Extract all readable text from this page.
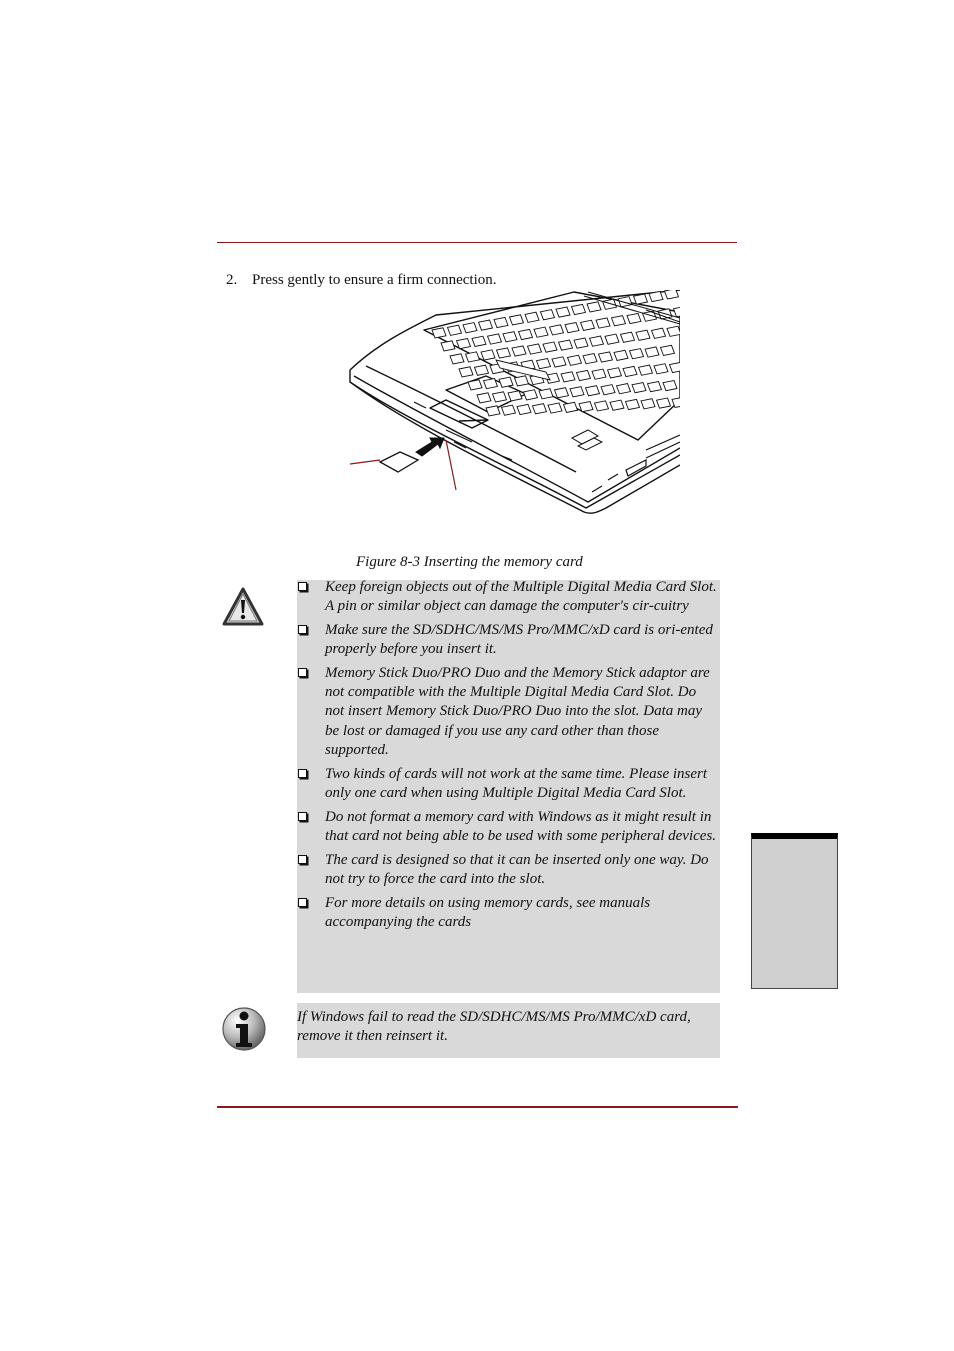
2. Press gently to ensure a firm connection.
Figure 8-3 Inserting the memory card
Keep foreign objects out of the Multiple Digital Media Card Slot. A pin or similar object can damage the computer's cir-cuitry
Make sure the SD/SDHC/MS/MS Pro/MMC/xD card is ori-ented properly before you insert it.
Memory Stick Duo/PRO Duo and the Memory Stick adaptor are not compatible with the Multiple Digital Media Card Slot. Do not insert Memory Stick Duo/PRO Duo into the slot. Data may be lost or damaged if you use any card other than those supported.
Two kinds of cards will not work at the same time. Please insert only one card when using Multiple Digital Media Card Slot.
Do not format a memory card with Windows as it might result in that card not being able to be used with some peripheral devices.
The card is designed so that it can be inserted only one way. Do not try to force the card into the slot.
For more details on using memory cards, see manuals accompanying the cards
If Windows fail to read the SD/SDHC/MS/MS Pro/MMC/xD card, remove it then reinsert it.
